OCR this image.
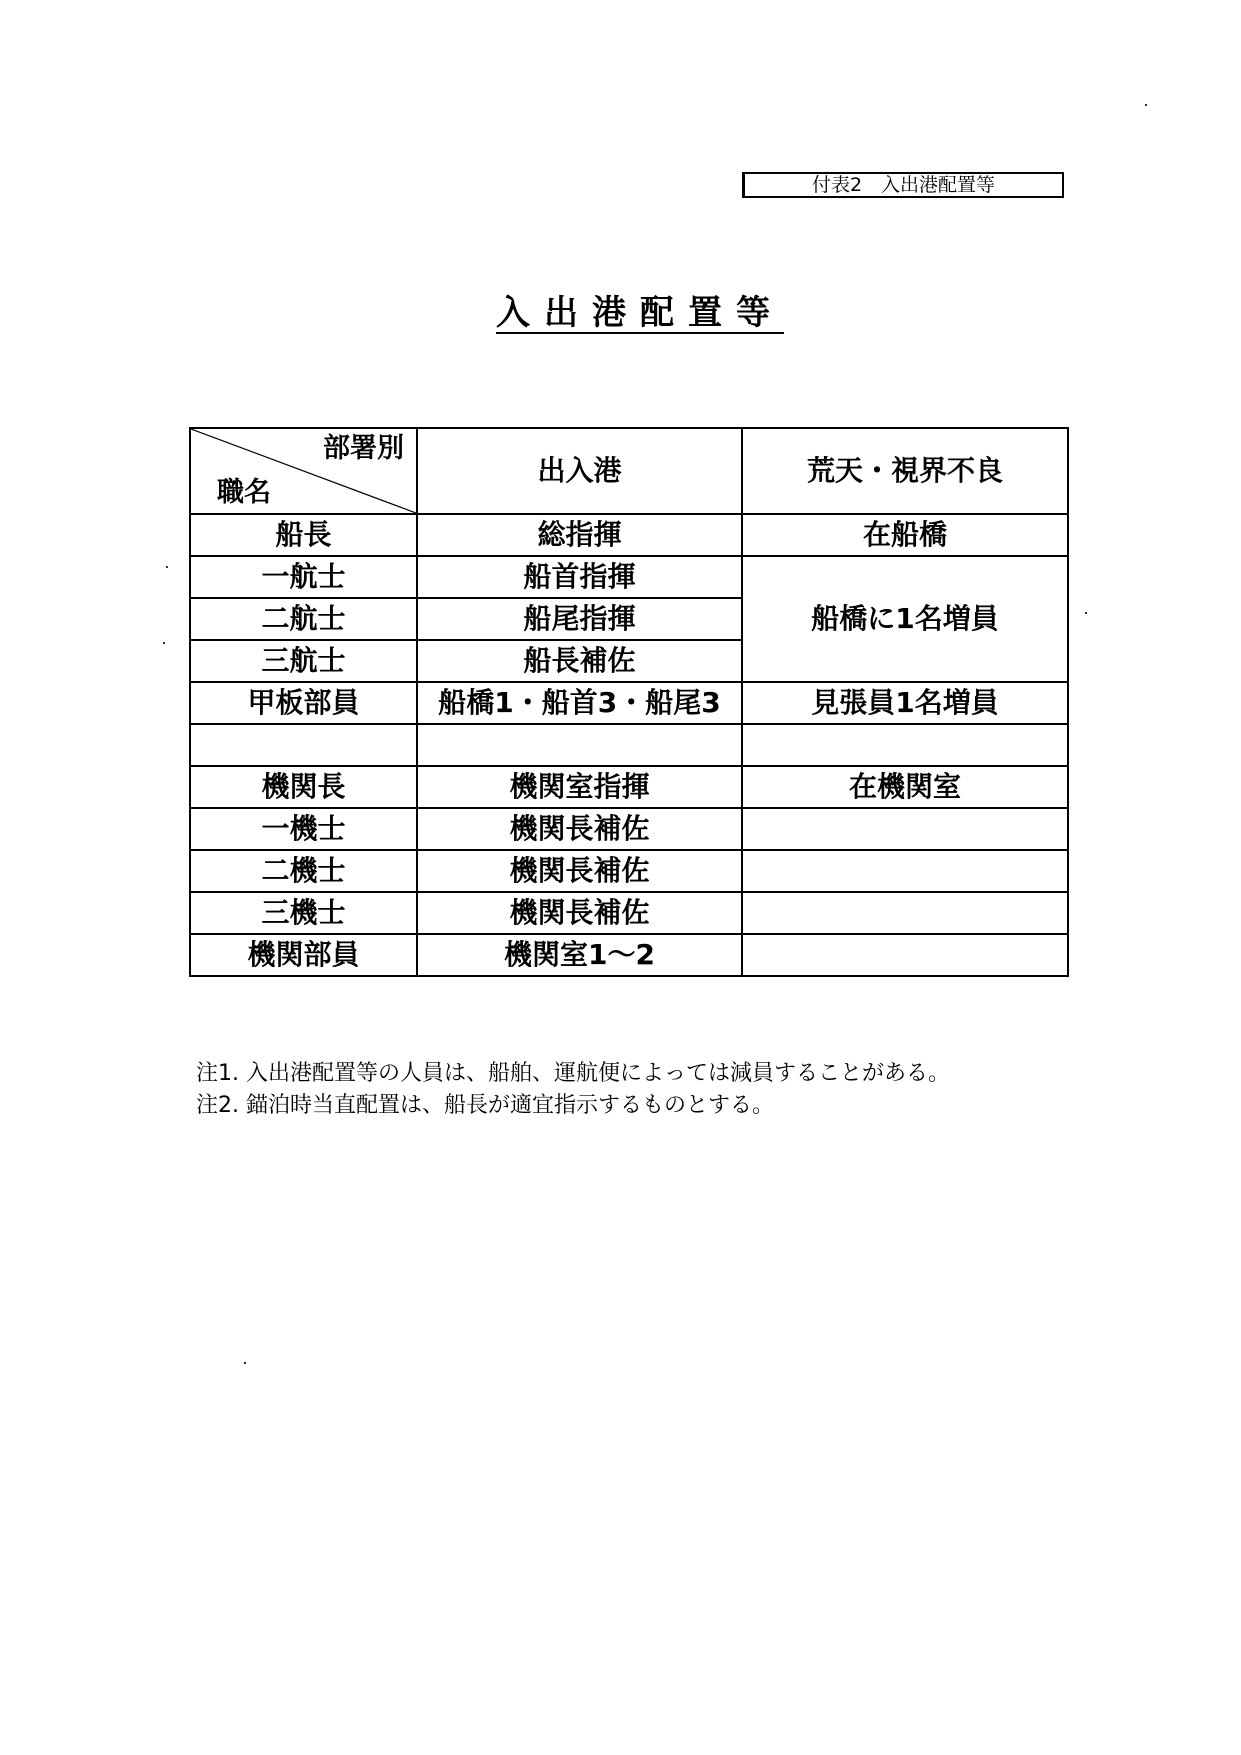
付表2　入出港配置等
入出港配置等
部署別
職名	出入港	荒天・視界不良
船長	総指揮	在船橋
一航士	船首指揮	船橋に1名増員
二航士	船尾指揮	
三航士	船長補佐	
甲板部員	船橋1・船首3・船尾3	見張員1名増員

機関長	機関室指揮	在機関室
一機士	機関長補佐	
二機士	機関長補佐	
三機士	機関長補佐	
機関部員	機関室1～2	
注1. 入出港配置等の人員は、船舶、運航便によっては減員することがある。
注2. 錨泊時当直配置は、船長が適宜指示するものとする。
